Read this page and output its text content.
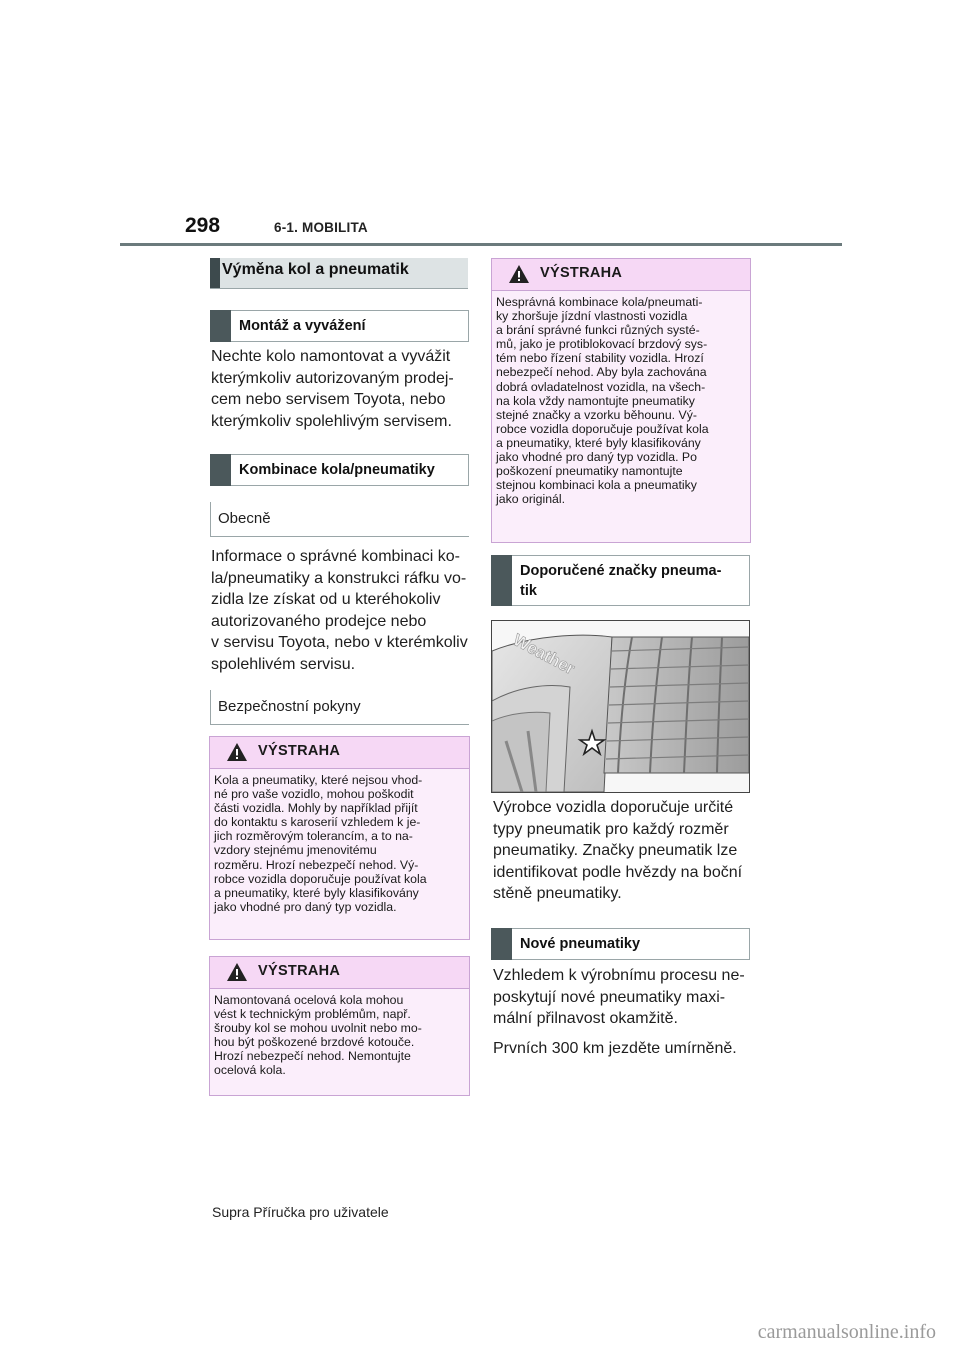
298	6-1. MOBILITA
Výměna kol a pneumatik
Montáž a vyvážení
Nechte kolo namontovat a vyvážit
kterýmkoliv autorizovaným prodej-
cem nebo servisem Toyota, nebo
kterýmkoliv spolehlivým servisem.
Kombinace kola/pneumatiky
Obecně
Informace o správné kombinaci ko-
la/pneumatiky a konstrukci ráfku vo-
zidla lze získat od u kteréhokoliv
autorizovaného prodejce nebo
v servisu Toyota, nebo v kterémkoliv
spolehlivém servisu.
Bezpečnostní pokyny
VÝSTRAHA
Kola a pneumatiky, které nejsou vhod-
né pro vaše vozidlo, mohou poškodit
části vozidla. Mohly by například přijít
do kontaktu s karoserií vzhledem k je-
jich rozměrovým tolerancím, a to na-
vzdory stejnému jmenovitému
rozměru. Hrozí nebezpečí nehod. Vý-
robce vozidla doporučuje používat kola
a pneumatiky, které byly klasifikovány
jako vhodné pro daný typ vozidla.
VÝSTRAHA
Namontovaná ocelová kola mohou
vést k technickým problémům, např.
šrouby kol se mohou uvolnit nebo mo-
hou být poškozené brzdové kotouče.
Hrozí nebezpečí nehod. Nemontujte
ocelová kola.
VÝSTRAHA
Nesprávná kombinace kola/pneumati-
ky zhoršuje jízdní vlastnosti vozidla
a brání správné funkci různých systé-
mů, jako je protiblokovací brzdový sys-
tém nebo řízení stability vozidla. Hrozí
nebezpečí nehod. Aby byla zachována
dobrá ovladatelnost vozidla, na všech-
na kola vždy namontujte pneumatiky
stejné značky a vzorku běhounu. Vý-
robce vozidla doporučuje používat kola
a pneumatiky, které byly klasifikovány
jako vhodné pro daný typ vozidla. Po
poškození pneumatiky namontujte
stejnou kombinaci kola a pneumatiky
jako originál.
Doporučené značky pneuma-
tik
Weather
Výrobce vozidla doporučuje určité
typy pneumatik pro každý rozměr
pneumatiky. Značky pneumatik lze
identifikovat podle hvězdy na boční
stěně pneumatiky.
Nové pneumatiky
Vzhledem k výrobnímu procesu ne-
poskytují nové pneumatiky maxi-
mální přilnavost okamžitě.
Prvních 300 km jezděte umírněně.
Supra Příručka pro uživatele
carmanualsonline.info
